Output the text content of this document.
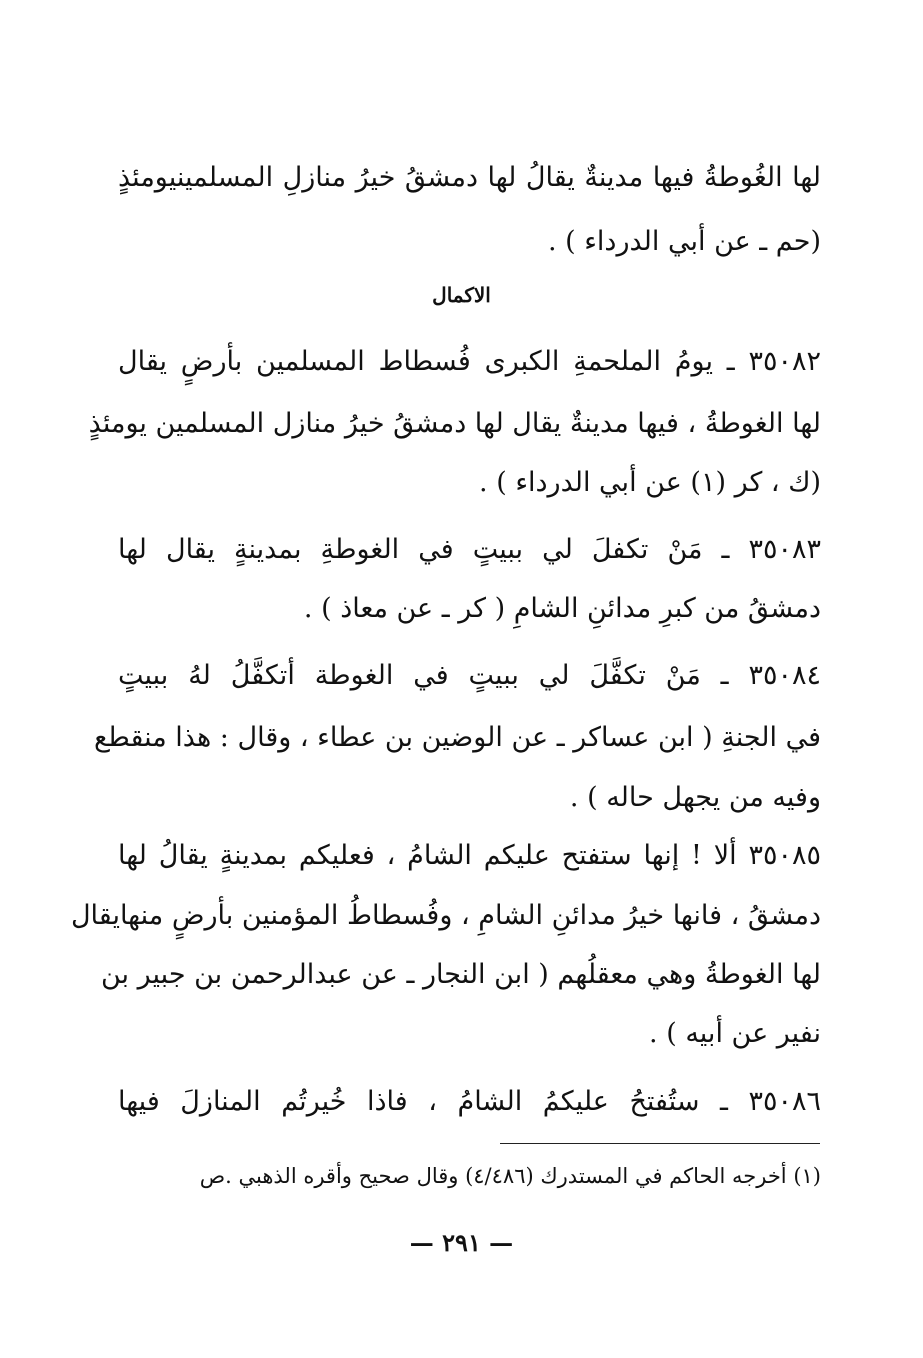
لها الغُوطةُ فيها مدينةٌ يقالُ لها دمشقُ خيرُ منازلِ المسلمينيومئذٍ
(حم ـ عن أبي الدرداء ) .
الاكمال
٣٥٠٨٢ ـ يومُ الملحمةِ الكبرى فُسطاط المسلمين بأرضٍ يقال
لها الغوطةُ ، فيها مدينةٌ يقال لها دمشقُ خيرُ منازل المسلمين يومئذٍ
(ك ، كر (١) عن أبي الدرداء ) .
٣٥٠٨٣ ـ مَنْ تكفلَ لي ببيتٍ في الغوطةِ بمدينةٍ يقال لها
دمشقُ من كبرِ مدائنِ الشامِ ( كر ـ عن معاذ ) .
٣٥٠٨٤ ـ مَنْ تكفَّلَ لي ببيتٍ في الغوطة أتكفَّلُ لهُ ببيتٍ
في الجنةِ ( ابن عساكر ـ عن الوضين بن عطاء ، وقال : هذا منقطع
وفيه من يجهل حاله ) .
٣٥٠٨٥ ألا ! إنها ستفتح عليكم الشامُ ، فعليكم بمدينةٍ يقالُ لها
دمشقُ ، فانها خيرُ مدائنِ الشامِ ، وفُسطاطُ المؤمنين بأرضٍ منهايقال
لها الغوطةُ وهي معقلُهم ( ابن النجار ـ عن عبدالرحمن بن جبير بن
نفير عن أبيه ) .
٣٥٠٨٦ ـ ستُفتحُ عليكمُ الشامُ ، فاذا خُيرتُم المنازلَ فيها
(١) أخرجه الحاكم في المستدرك (٤/٤٨٦) وقال صحيح وأقره الذهبي .ص
— ٢٩١ —
